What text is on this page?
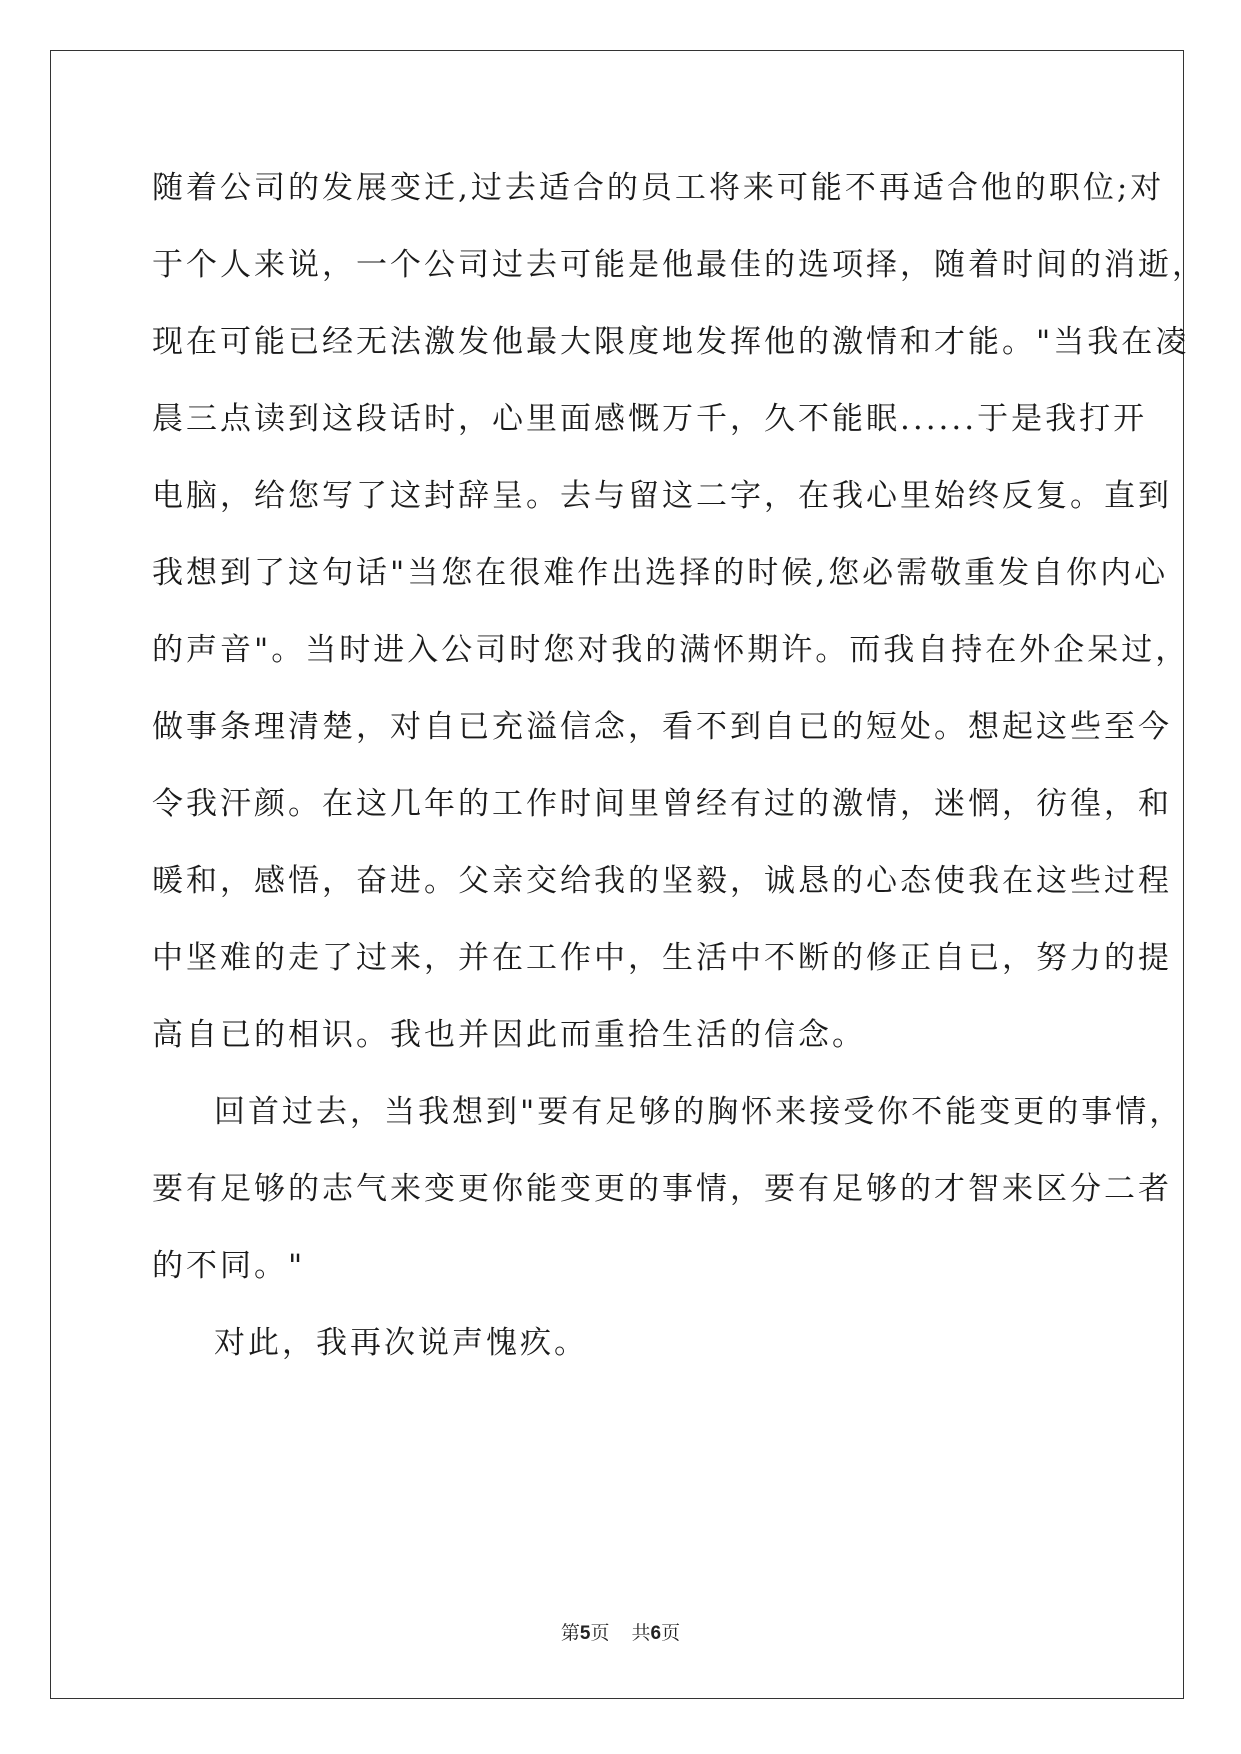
随着公司的发展变迁,过去适合的员工将来可能不再适合他的职位;对
于个人来说，一个公司过去可能是他最佳的选项择，随着时间的消逝，
现在可能已经无法激发他最大限度地发挥他的激情和才能。"当我在凌
晨三点读到这段话时，心里面感慨万千，久不能眠......于是我打开
电脑，给您写了这封辞呈。去与留这二字，在我心里始终反复。直到
我想到了这句话"当您在很难作出选择的时候,您必需敬重发自你内心
的声音"。当时进入公司时您对我的满怀期许。而我自持在外企呆过，
做事条理清楚，对自已充溢信念，看不到自已的短处。想起这些至今
令我汗颜。在这几年的工作时间里曾经有过的激情，迷惘，彷徨，和
暖和，感悟，奋进。父亲交给我的坚毅，诚恳的心态使我在这些过程
中坚难的走了过来，并在工作中，生活中不断的修正自已，努力的提
高自已的相识。我也并因此而重拾生活的信念。

回首过去，当我想到"要有足够的胸怀来接受你不能变更的事情，
要有足够的志气来变更你能变更的事情，要有足够的才智来区分二者
的不同。"

对此，我再次说声愧疚。

第5页 共6页
